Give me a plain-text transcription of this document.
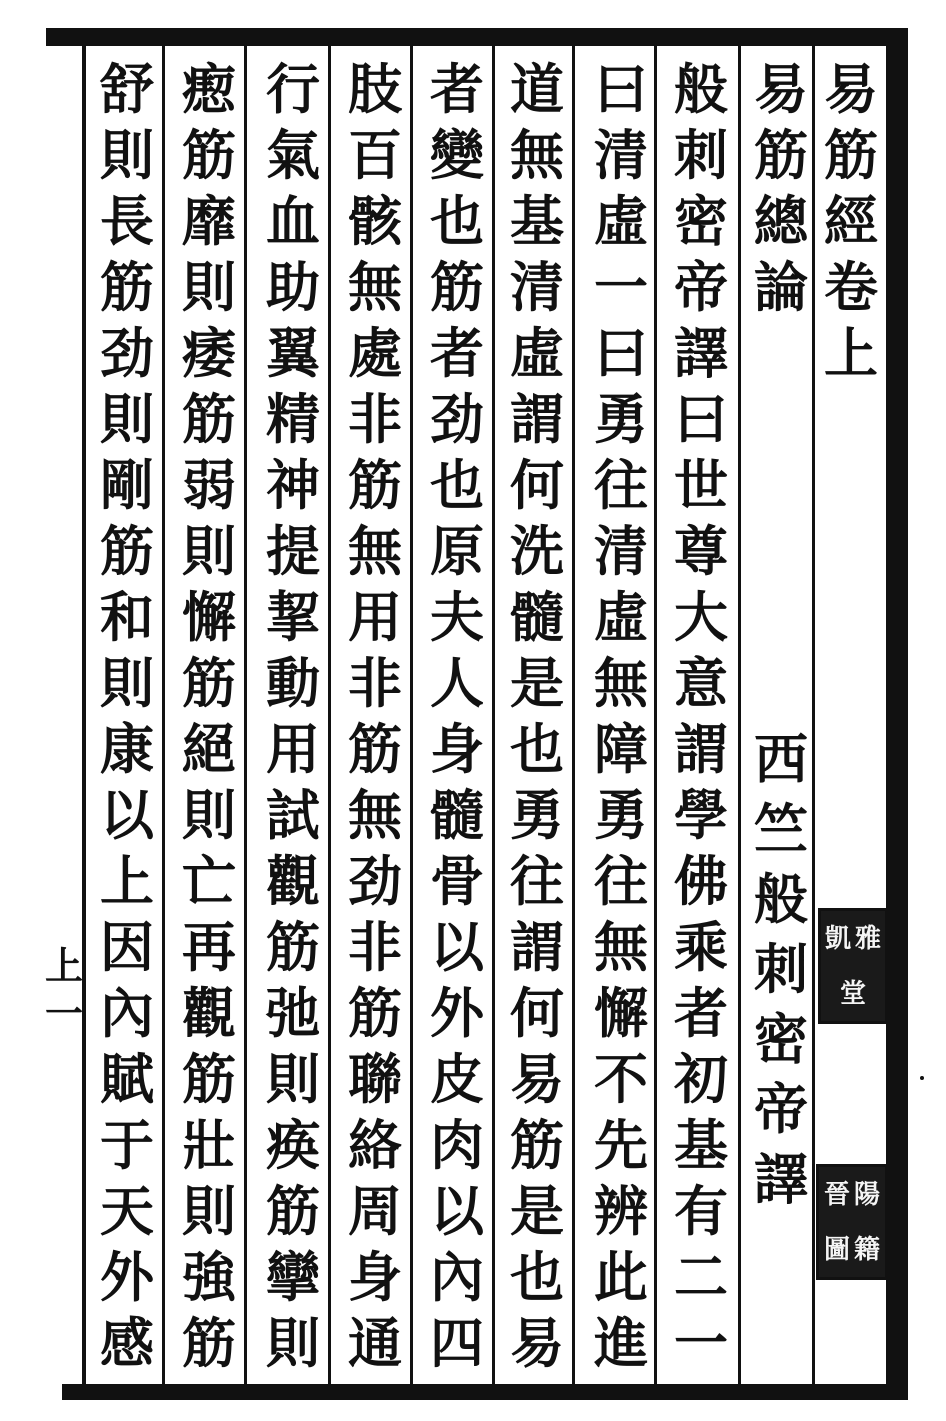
易
筋
經
卷
上
易
筋
總
論
西
竺
般
刺
密
帝
譯
般
刺
密
帝
譯
曰
世
尊
大
意
謂
學
佛
乘
者
初
基
有
二
一
曰
清
虛
一
曰
勇
往
清
虛
無
障
勇
往
無
懈
不
先
辨
此
進
道
無
基
清
虛
謂
何
洗
髓
是
也
勇
往
謂
何
易
筋
是
也
易
者
變
也
筋
者
劲
也
原
夫
人
身
髓
骨
以
外
皮
肉
以
內
四
肢
百
骸
無
處
非
筋
無
用
非
筋
無
劲
非
筋
聯
絡
周
身
通
行
氣
血
助
翼
精
神
提
挈
動
用
試
觀
筋
弛
則
痪
筋
攣
則
瘛
筋
靡
則
痿
筋
弱
則
懈
筋
絕
則
亡
再
觀
筋
壯
則
強
筋
舒
則
長
筋
劲
則
剛
筋
和
則
康
以
上
因
內
賦
于
天
外
感
上
一
凱 雅
堂
晉 陽
圖 籍
